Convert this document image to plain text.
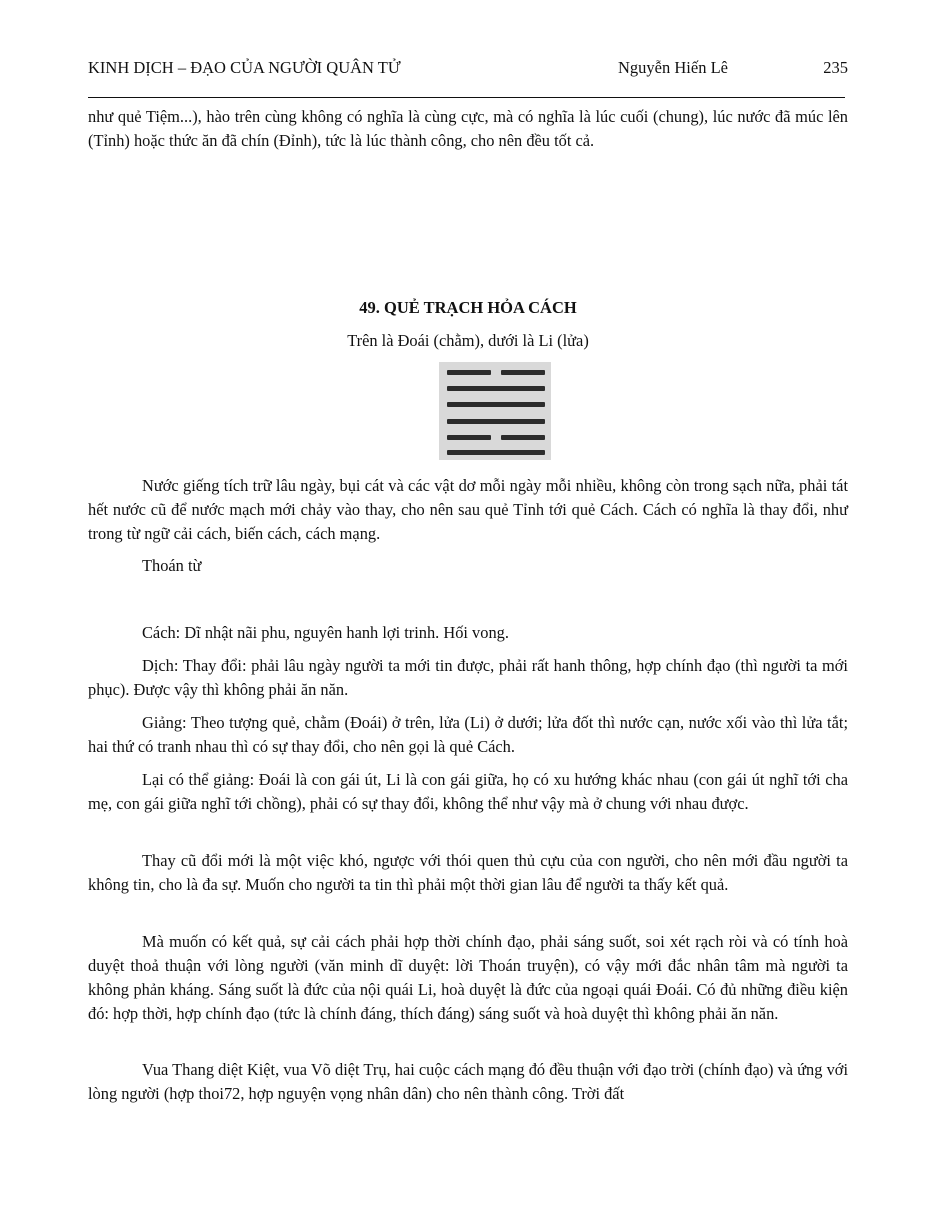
KINH DỊCH – ĐẠO CỦA NGƯỜI QUÂN TỬ	Nguyễn Hiến Lê	235

như quẻ Tiệm...), hào trên cùng không có nghĩa là cùng cực, mà có nghĩa là lúc cuối (chung), lúc nước đã múc lên (Tỉnh) hoặc thức ăn đã chín (Đỉnh), tức là lúc thành công, cho nên đều tốt cả.

49. QUẺ TRẠCH HỎA CÁCH

Trên là Đoái (chằm), dưới là Li (lửa)

Nước giếng tích trữ lâu ngày, bụi cát và các vật dơ mỗi ngày mỗi nhiều, không còn trong sạch nữa, phải tát hết nước cũ để nước mạch mới chảy vào thay, cho nên sau quẻ Tỉnh tới quẻ Cách. Cách có nghĩa là thay đổi, như trong từ ngữ cải cách, biến cách, cách mạng.

Thoán từ

Cách: Dĩ nhật nãi phu, nguyên hanh lợi trinh. Hối vong.

Dịch: Thay đổi: phải lâu ngày người ta mới tin được, phải rất hanh thông, hợp chính đạo (thì người ta mới phục). Được vậy thì không phải ăn năn.

Giảng: Theo tượng quẻ, chằm (Đoái) ở trên, lửa (Li) ở dưới; lửa đốt thì nước cạn, nước xối vào thì lửa tắt; hai thứ có tranh nhau thì có sự thay đổi, cho nên gọi là quẻ Cách.

Lại có thể giảng: Đoái là con gái út, Li là con gái giữa, họ có xu hướng khác nhau (con gái út nghĩ tới cha mẹ, con gái giữa nghĩ tới chồng), phải có sự thay đổi, không thể như vậy mà ở chung với nhau được.

Thay cũ đổi mới là một việc khó, ngược với thói quen thủ cựu của con người, cho nên mới đầu người ta không tin, cho là đa sự. Muốn cho người ta tin thì phải một thời gian lâu để người ta thấy kết quả.

Mà muốn có kết quả, sự cải cách phải hợp thời chính đạo, phải sáng suốt, soi xét rạch ròi và có tính hoà duyệt thoả thuận với lòng người (văn minh dĩ duyệt: lời Thoán truyện), có vậy mới đắc nhân tâm mà người ta không phản kháng. Sáng suốt là đức của nội quái Li, hoà duyệt là đức của ngoại quái Đoái. Có đủ những điều kiện đó: hợp thời, hợp chính đạo (tức là chính đáng, thích đáng) sáng suốt và hoà duyệt thì không phải ăn năn.

Vua Thang diệt Kiệt, vua Võ diệt Trụ, hai cuộc cách mạng đó đều thuận với đạo trời (chính đạo) và ứng với lòng người (hợp thoi72, hợp nguyện vọng nhân dân) cho nên thành công. Trời đất
